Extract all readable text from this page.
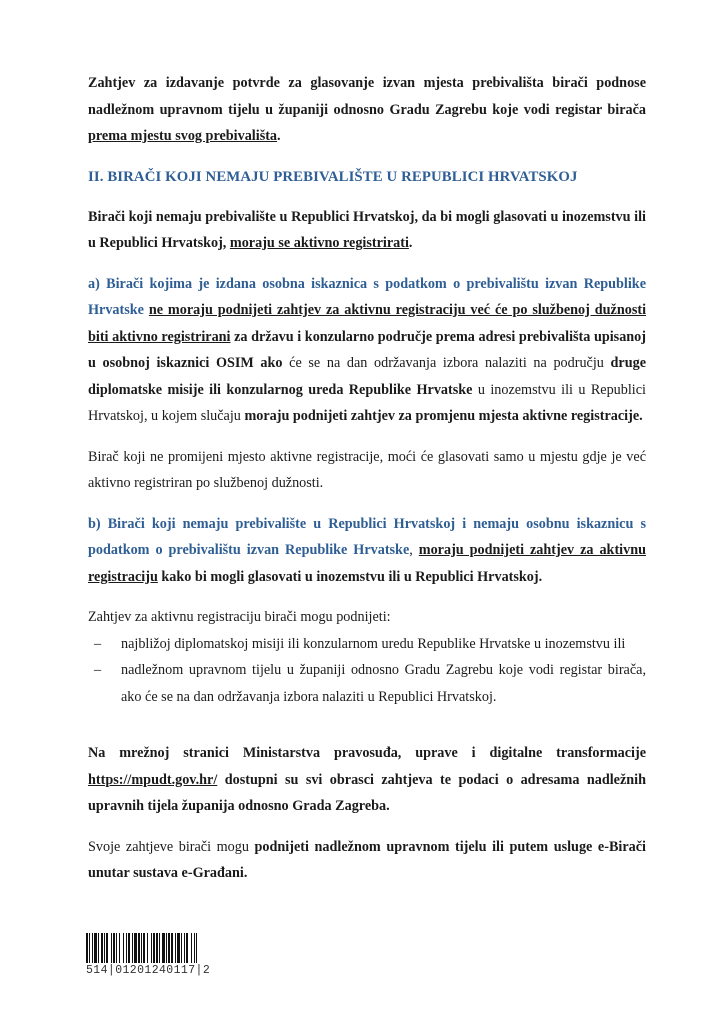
Zahtjev za izdavanje potvrde za glasovanje izvan mjesta prebivališta birači podnose nadležnom upravnom tijelu u županiji odnosno Gradu Zagrebu koje vodi registar birača prema mjestu svog prebivališta.

II. BIRAČI KOJI NEMAJU PREBIVALIŠTE U REPUBLICI HRVATSKOJ

Birači koji nemaju prebivalište u Republici Hrvatskoj, da bi mogli glasovati u inozemstvu ili u Republici Hrvatskoj, moraju se aktivno registrirati.

a) Birači kojima je izdana osobna iskaznica s podatkom o prebivalištu izvan Republike Hrvatske ne moraju podnijeti zahtjev za aktivnu registraciju već će po službenoj dužnosti biti aktivno registrirani za državu i konzularno područje prema adresi prebivališta upisanoj u osobnoj iskaznici OSIM ako će se na dan održavanja izbora nalaziti na području druge diplomatske misije ili konzularnog ureda Republike Hrvatske u inozemstvu ili u Republici Hrvatskoj, u kojem slučaju moraju podnijeti zahtjev za promjenu mjesta aktivne registracije.

Birač koji ne promijeni mjesto aktivne registracije, moći će glasovati samo u mjestu gdje je već aktivno registriran po službenoj dužnosti.

b) Birači koji nemaju prebivalište u Republici Hrvatskoj i nemaju osobnu iskaznicu s podatkom o prebivalištu izvan Republike Hrvatske, moraju podnijeti zahtjev za aktivnu registraciju kako bi mogli glasovati u inozemstvu ili u Republici Hrvatskoj.

Zahtjev za aktivnu registraciju birači mogu podnijeti:

– najbližoj diplomatskoj misiji ili konzularnom uredu Republike Hrvatske u inozemstvu ili
– nadležnom upravnom tijelu u županiji odnosno Gradu Zagrebu koje vodi registar birača, ako će se na dan održavanja izbora nalaziti u Republici Hrvatskoj.

Na mrežnoj stranici Ministarstva pravosuđa, uprave i digitalne transformacije https://mpudt.gov.hr/ dostupni su svi obrasci zahtjeva te podaci o adresama nadležnih upravnih tijela županija odnosno Grada Zagreba.

Svoje zahtjeve birači mogu podnijeti nadležnom upravnom tijelu ili putem usluge e-Birači unutar sustava e-Građani.

514|01201240117|2
